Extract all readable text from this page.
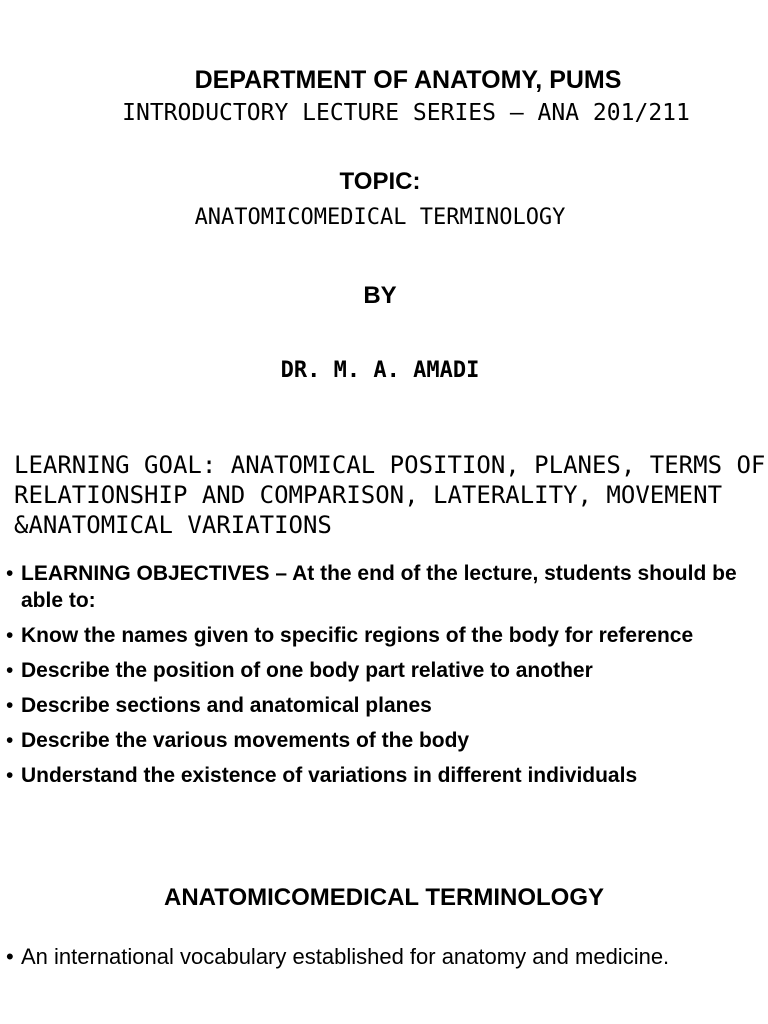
DEPARTMENT OF ANATOMY, PUMS
INTRODUCTORY LECTURE SERIES – ANA 201/211
TOPIC:
ANATOMICOMEDICAL TERMINOLOGY
BY
DR. M. A. AMADI
LEARNING GOAL: ANATOMICAL POSITION, PLANES, TERMS OF RELATIONSHIP AND COMPARISON, LATERALITY, MOVEMENT &ANATOMICAL VARIATIONS
• LEARNING OBJECTIVES – At the end of the lecture, students should be able to:
• Know the names given to specific regions of the body for reference
• Describe the position of one body part relative to another
• Describe sections and anatomical planes
• Describe the various movements of the body
• Understand the existence of variations in different individuals
ANATOMICOMEDICAL TERMINOLOGY
• An international vocabulary established for anatomy and medicine.
